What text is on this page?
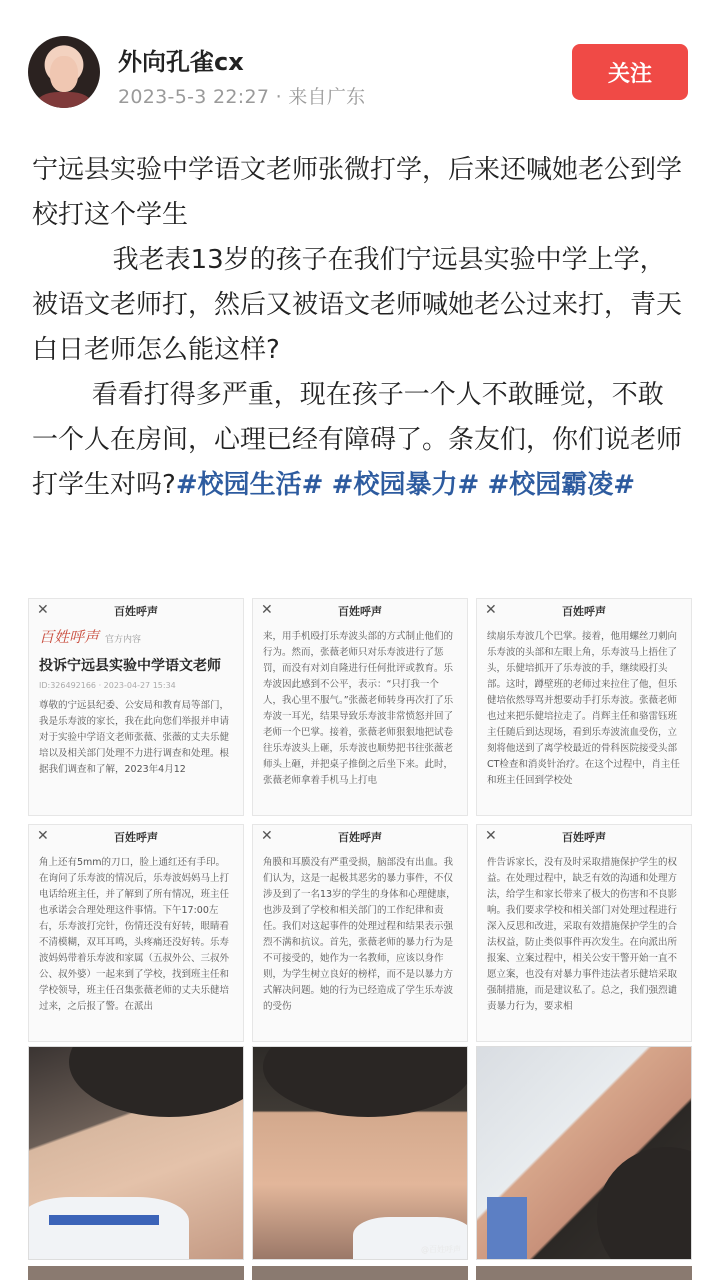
外向孔雀cx
2023-5-3 22:27 · 来自广东
关注

宁远县实验中学语文老师张微打学，后来还喊她老公到学校打这个学生

我老表13岁的孩子在我们宁远县实验中学上学，被语文老师打，然后又被语文老师喊她老公过来打，青天白日老师怎么能这样?

看看打得多严重，现在孩子一个人不敢睡觉，不敢一个人在房间，心理已经有障碍了。条友们，你们说老师打学生对吗?#校园生活# #校园暴力# #校园霸凌#

✕	百姓呼声
百姓呼声 官方内容
投诉宁远县实验中学语文老师
ID:326492166 · 2023-04-27 15:34
尊敬的宁远县纪委、公安局和教育局等部门，我是乐寿波的家长，我在此向您们举报并申请对于实验中学语文老师张薇、张薇的丈夫乐健培以及相关部门处理不力进行调查和处理。根据我们调查和了解，2023年4月12
✕	百姓呼声
来，用手机殴打乐寿波头部的方式制止他们的行为。然而，张薇老师只对乐寿波进行了惩罚，而没有对刘自隆进行任何批评或教育。乐寿波因此感到不公平，表示：“只打我一个人，我心里不服气。”张薇老师转身再次打了乐寿波一耳光，结果导致乐寿波非常愤怒并回了老师一个巴掌。接着，张薇老师狠狠地把试卷往乐寿波头上砸，乐寿波也顺势把书往张薇老师头上砸，并把桌子推倒之后坐下来。此时，张薇老师拿着手机马上打电
✕	百姓呼声
续扇乐寿波几个巴掌。接着，他用螺丝刀刺向乐寿波的头部和左眼上角，乐寿波马上捂住了头，乐健培抓开了乐寿波的手，继续殴打头部。这时，蹲壁班的老师过来拉住了他，但乐健培依然辱骂并想要动手打乐寿波。张薇老师也过来把乐健培拉走了。肖辉主任和骆雷钰班主任随后到达现场，看到乐寿波流血受伤，立刻将他送到了离学校最近的骨科医院接受头部CT检查和消炎针治疗。在这个过程中，肖主任和班主任回到学校处
✕	百姓呼声
角上还有5mm的刀口，脸上通红还有手印。在询问了乐寿波的情况后，乐寿波妈妈马上打电话给班主任，并了解到了所有情况，班主任也承诺会合理处理这件事情。下午17:00左右，乐寿波打完针，伤情还没有好转，眼睛看不清模糊，双耳耳鸣，头疼痛还没好转。乐寿波妈妈带着乐寿波和家属（五叔外公、三叔外公、叔外婆）一起来到了学校，找到班主任和学校领导，班主任召集张薇老师的丈夫乐健培过来，之后报了警。在派出
✕	百姓呼声
角膜和耳膜没有严重受损，脑部没有出血。我们认为，这是一起极其恶劣的暴力事件，不仅涉及到了一名13岁的学生的身体和心理健康，也涉及到了学校和相关部门的工作纪律和责任。我们对这起事件的处理过程和结果表示强烈不满和抗议。首先，张薇老师的暴力行为是不可接受的，她作为一名教师，应该以身作则，为学生树立良好的榜样，而不是以暴力方式解决问题。她的行为已经造成了学生乐寿波的受伤
✕	百姓呼声
件告诉家长，没有及时采取措施保护学生的权益。在处理过程中，缺乏有效的沟通和处理方法，给学生和家长带来了极大的伤害和不良影响。我们要求学校和相关部门对处理过程进行深入反思和改进，采取有效措施保护学生的合法权益，防止类似事件再次发生。在向派出所报案、立案过程中，相关公安干警开始一直不愿立案，也没有对暴力事件违法者乐健培采取强制措施，而是建议私了。总之，我们强烈谴责暴力行为，要求相
@百姓呼声
